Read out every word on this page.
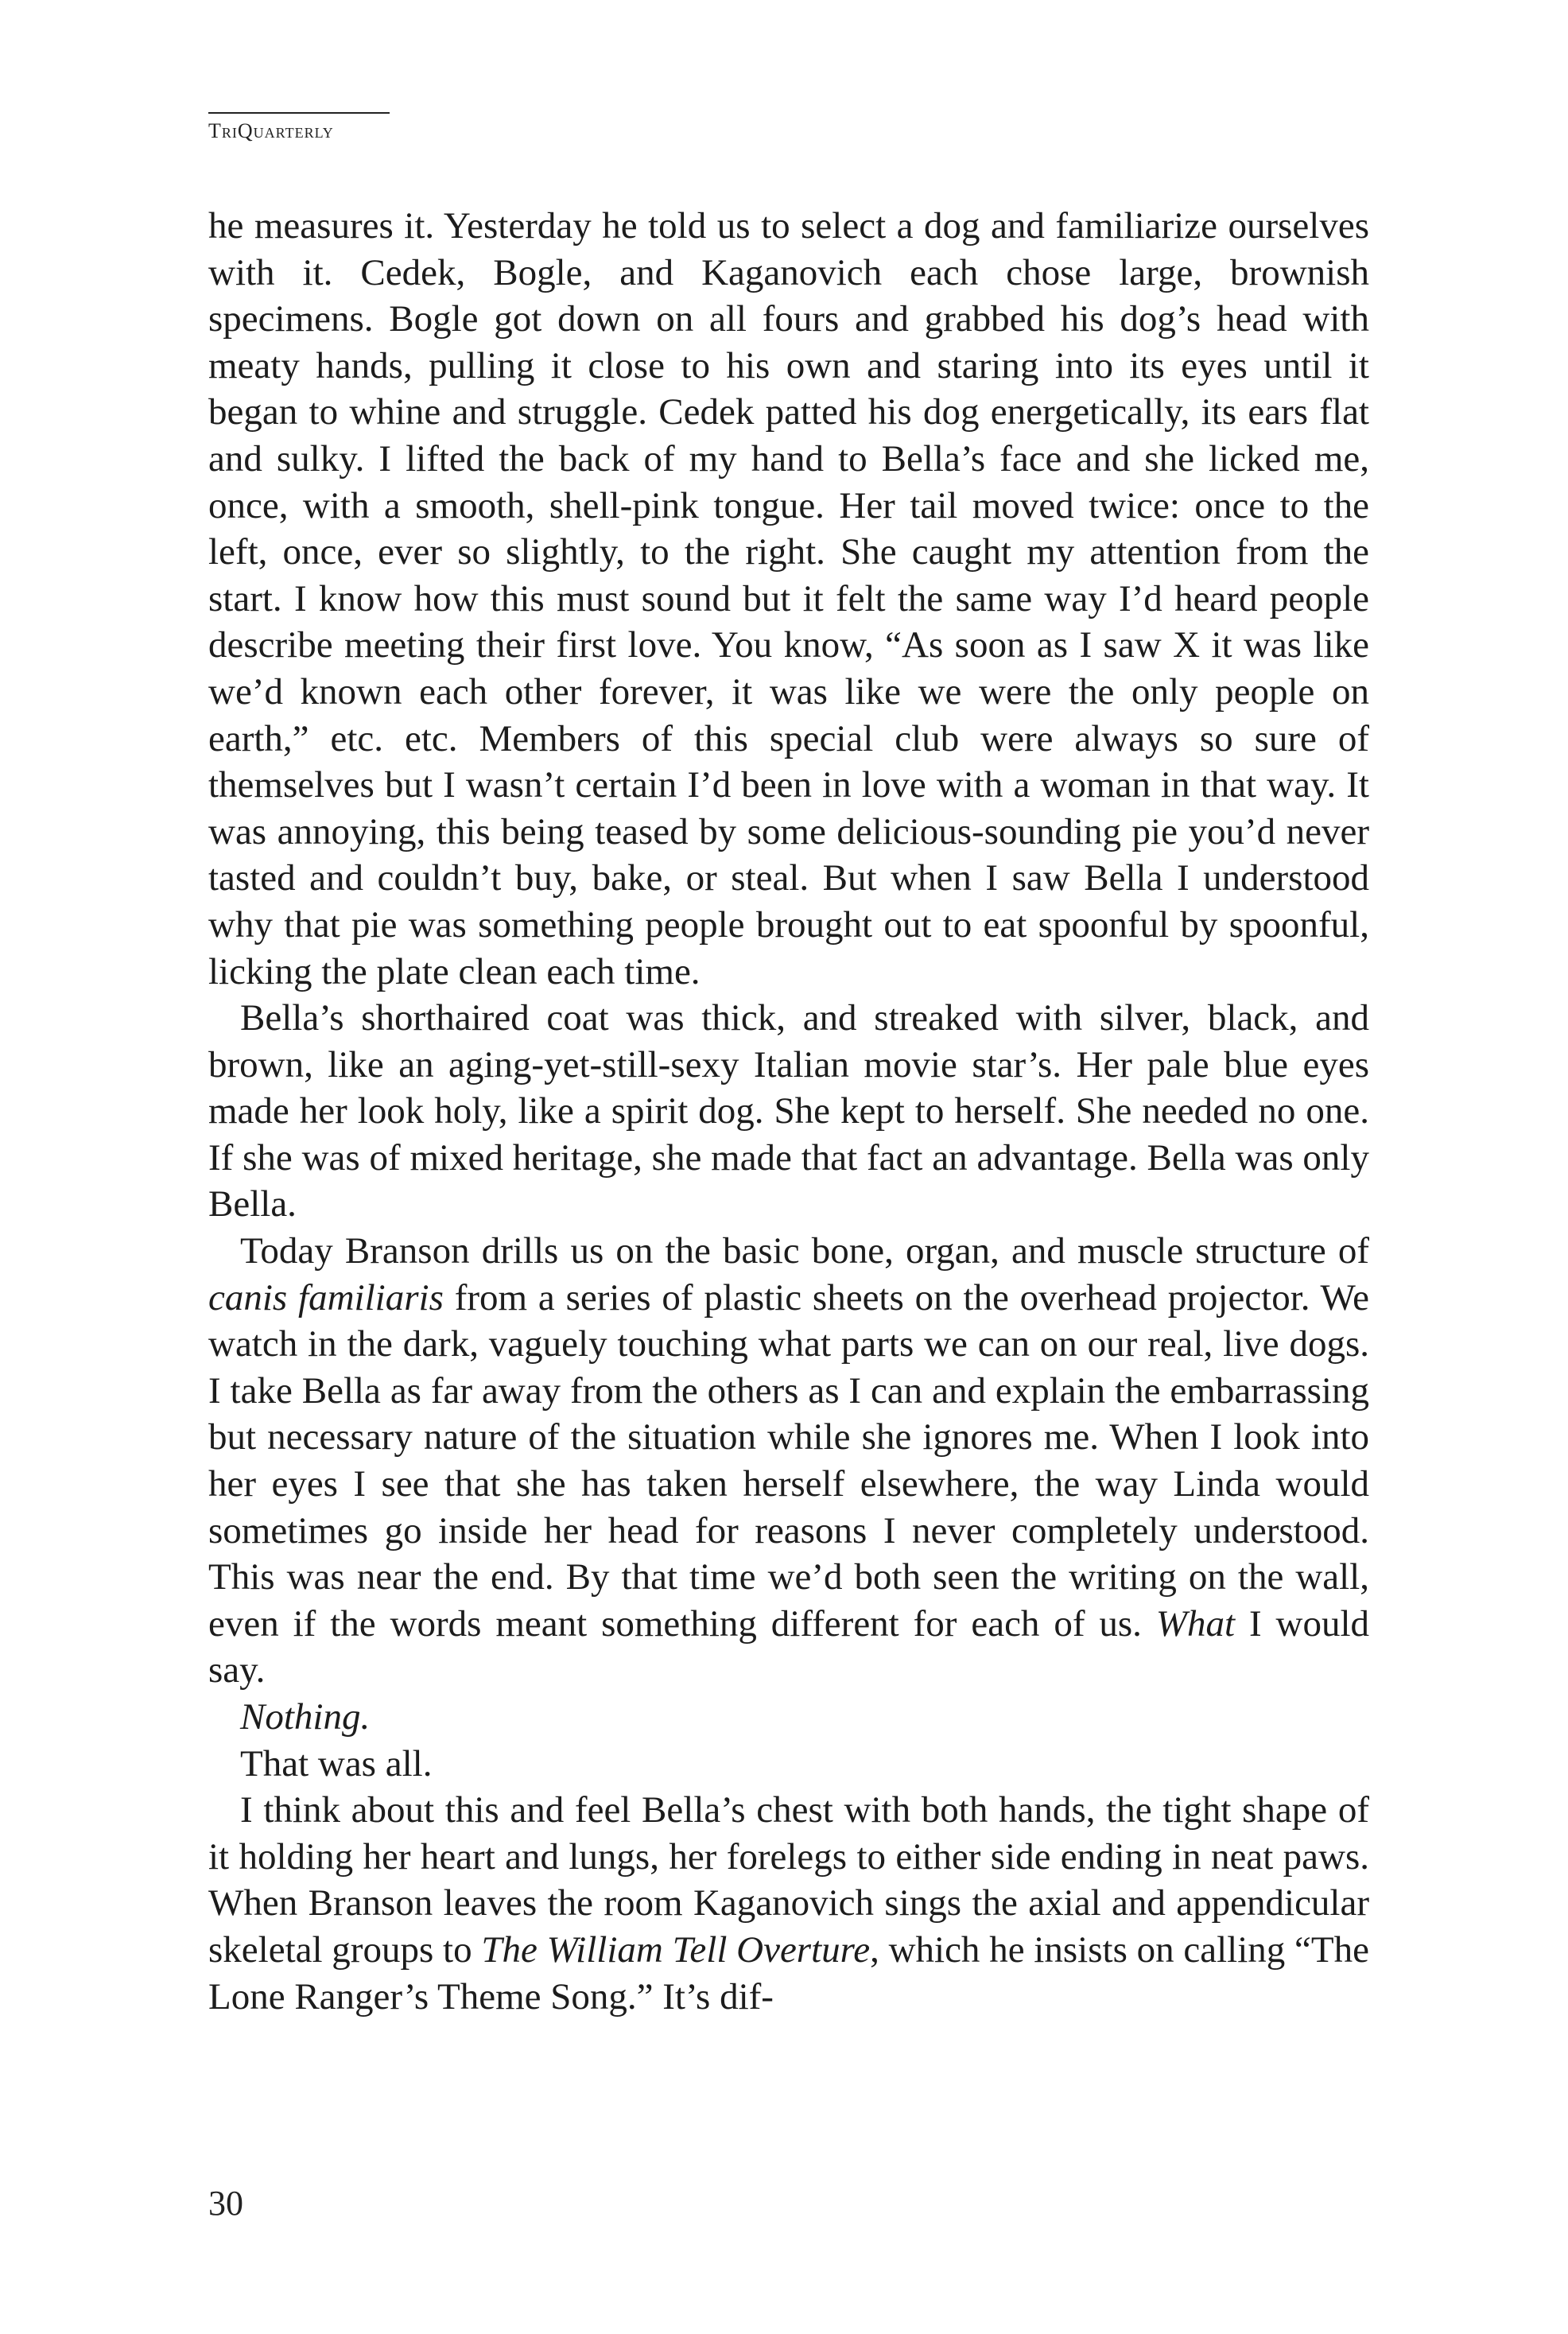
TriQuarterly

he measures it. Yesterday he told us to select a dog and familiarize ourselves with it. Cedek, Bogle, and Kaganovich each chose large, brownish specimens. Bogle got down on all fours and grabbed his dog’s head with meaty hands, pulling it close to his own and staring into its eyes until it began to whine and struggle. Cedek patted his dog energetically, its ears flat and sulky. I lifted the back of my hand to Bella’s face and she licked me, once, with a smooth, shell-pink tongue. Her tail moved twice: once to the left, once, ever so slightly, to the right. She caught my attention from the start. I know how this must sound but it felt the same way I’d heard people describe meeting their first love. You know, “As soon as I saw X it was like we’d known each other forever, it was like we were the only people on earth,” etc. etc. Members of this special club were always so sure of themselves but I wasn’t certain I’d been in love with a woman in that way. It was annoying, this being teased by some delicious-sounding pie you’d never tasted and couldn’t buy, bake, or steal. But when I saw Bella I understood why that pie was something people brought out to eat spoonful by spoonful, licking the plate clean each time.

Bella’s shorthaired coat was thick, and streaked with silver, black, and brown, like an aging-yet-still-sexy Italian movie star’s. Her pale blue eyes made her look holy, like a spirit dog. She kept to herself. She needed no one. If she was of mixed heritage, she made that fact an advantage. Bella was only Bella.

Today Branson drills us on the basic bone, organ, and muscle structure of canis familiaris from a series of plastic sheets on the overhead projector. We watch in the dark, vaguely touching what parts we can on our real, live dogs. I take Bella as far away from the others as I can and explain the embarrassing but necessary nature of the situation while she ignores me. When I look into her eyes I see that she has taken herself elsewhere, the way Linda would sometimes go inside her head for reasons I never completely understood. This was near the end. By that time we’d both seen the writing on the wall, even if the words meant something different for each of us. What I would say.

Nothing.

That was all.

I think about this and feel Bella’s chest with both hands, the tight shape of it holding her heart and lungs, her forelegs to either side ending in neat paws. When Branson leaves the room Kaganovich sings the axial and appendicular skeletal groups to The William Tell Overture, which he insists on calling “The Lone Ranger’s Theme Song.” It’s dif-

30
